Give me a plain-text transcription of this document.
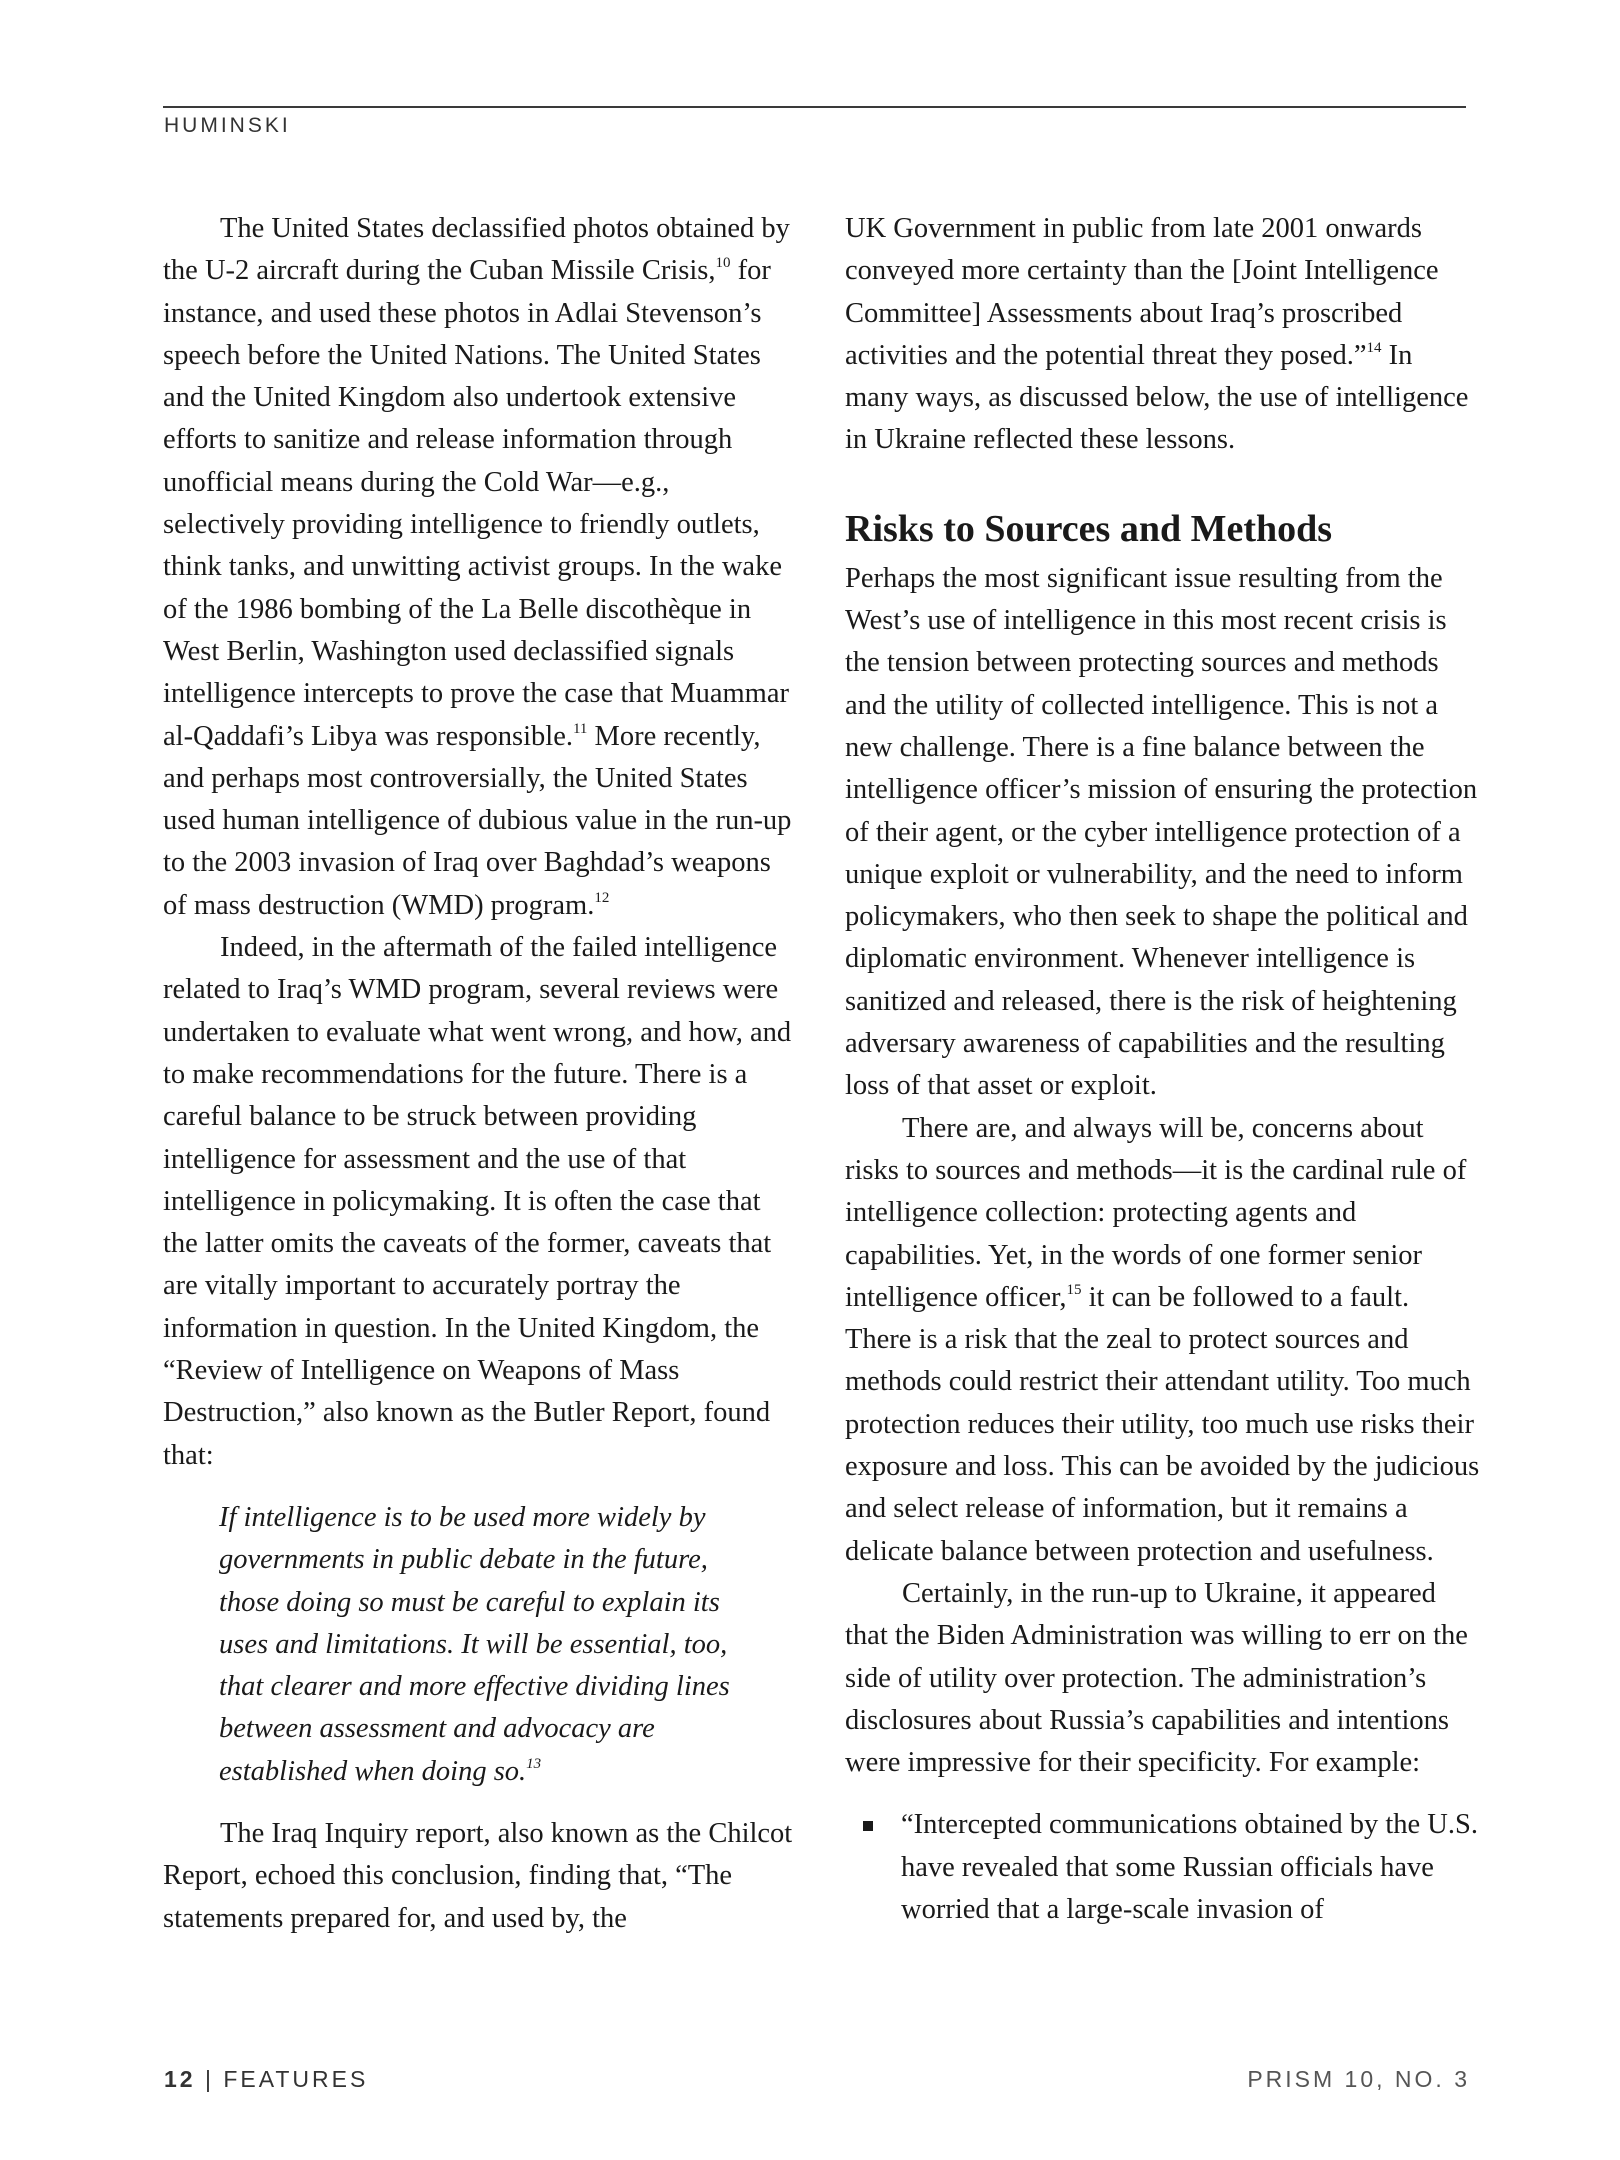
HUMINSKI

The United States declassified photos obtained by the U-2 aircraft during the Cuban Missile Crisis,$^{10}$ for instance, and used these photos in Adlai Stevenson’s speech before the United Nations. The United States and the United Kingdom also undertook extensive efforts to sanitize and release information through unofficial means during the Cold War—e.g., selectively providing intelligence to friendly outlets, think tanks, and unwitting activist groups. In the wake of the 1986 bombing of the La Belle discothèque in West Berlin, Washington used declassified signals intelligence intercepts to prove the case that Muammar al-Qaddafi’s Libya was responsible.$^{11}$ More recently, and perhaps most controversially, the United States used human intelligence of dubious value in the run-up to the 2003 invasion of Iraq over Baghdad’s weapons of mass destruction (WMD) program.$^{12}$

Indeed, in the aftermath of the failed intelligence related to Iraq’s WMD program, several reviews were undertaken to evaluate what went wrong, and how, and to make recommendations for the future. There is a careful balance to be struck between providing intelligence for assessment and the use of that intelligence in policymaking. It is often the case that the latter omits the caveats of the former, caveats that are vitally important to accurately portray the information in question. In the United Kingdom, the “Review of Intelligence on Weapons of Mass Destruction,” also known as the Butler Report, found that:

If intelligence is to be used more widely by governments in public debate in the future, those doing so must be careful to explain its uses and limitations. It will be essential, too, that clearer and more effective dividing lines between assessment and advocacy are established when doing so.$^{13}$

The Iraq Inquiry report, also known as the Chilcot Report, echoed this conclusion, finding that, “The statements prepared for, and used by, the

UK Government in public from late 2001 onwards conveyed more certainty than the [Joint Intelligence Committee] Assessments about Iraq’s proscribed activities and the potential threat they posed.”$^{14}$ In many ways, as discussed below, the use of intelligence in Ukraine reflected these lessons.

Risks to Sources and Methods

Perhaps the most significant issue resulting from the West’s use of intelligence in this most recent crisis is the tension between protecting sources and methods and the utility of collected intelligence. This is not a new challenge. There is a fine balance between the intelligence officer’s mission of ensuring the protection of their agent, or the cyber intelligence protection of a unique exploit or vulnerability, and the need to inform policymakers, who then seek to shape the political and diplomatic environment. Whenever intelligence is sanitized and released, there is the risk of heightening adversary awareness of capabilities and the resulting loss of that asset or exploit.

There are, and always will be, concerns about risks to sources and methods—it is the cardinal rule of intelligence collection: protecting agents and capabilities. Yet, in the words of one former senior intelligence officer,$^{15}$ it can be followed to a fault. There is a risk that the zeal to protect sources and methods could restrict their attendant utility. Too much protection reduces their utility, too much use risks their exposure and loss. This can be avoided by the judicious and select release of information, but it remains a delicate balance between protection and usefulness.

Certainly, in the run-up to Ukraine, it appeared that the Biden Administration was willing to err on the side of utility over protection. The administration’s disclosures about Russia’s capabilities and intentions were impressive for their specificity. For example:

“Intercepted communications obtained by the U.S. have revealed that some Russian officials have worried that a large-scale invasion of
12 | FEATURES	PRISM 10, NO. 3
